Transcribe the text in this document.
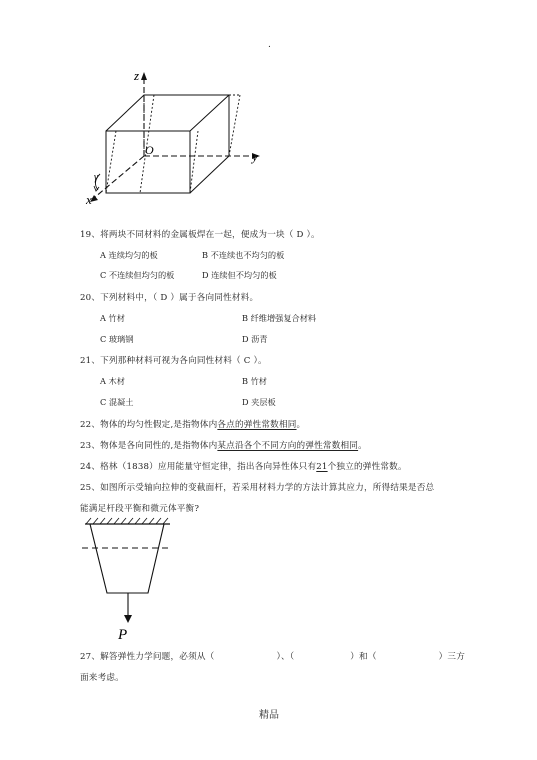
.
z
y
x
O
γ
19、将两块不同材料的金属板焊在一起，便成为一块（ D ）。
A 连续均匀的板	B 不连续也不均匀的板
C 不连续但均匀的板	D 连续但不均匀的板
20、下列材料中，（ D ）属于各向同性材料。
A 竹材	B 纤维增强复合材料
C 玻璃钢	D 沥青
21、下列那种材料可视为各向同性材料（ C ）。
A 木材	B 竹材
C 混凝土	D 夹层板
22、物体的均匀性假定,是指物体内各点的弹性常数相同。
23、物体是各向同性的,是指物体内某点沿各个不同方向的弹性常数相同。
24、格林（1838）应用能量守恒定律，指出各向异性体只有21个独立的弹性常数。
25、如图所示受轴向拉伸的变截面杆，若采用材料力学的方法计算其应力，所得结果是否总
能满足杆段平衡和微元体平衡?
P
27、解答弹性力学问题，必须从（	）、（	）和（	）三方
面来考虑。
精品
